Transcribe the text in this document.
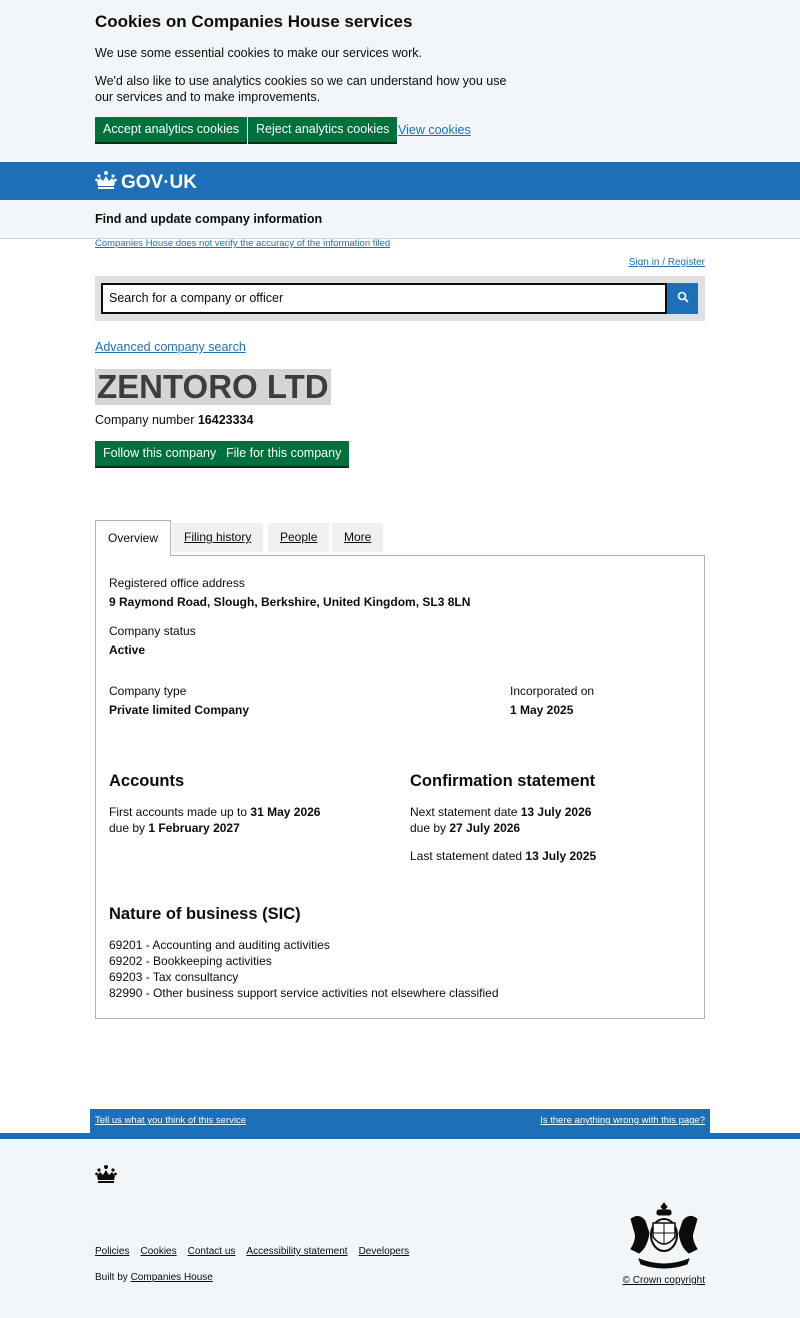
Cookies on Companies House services

We use some essential cookies to make our services work.

We'd also like to use analytics cookies so we can understand how you use our services and to make improvements.

Accept analytics cookies	Reject analytics cookies View cookies
GOV·UK
Find and update company information
Companies House does not verify the accuracy of the information filed
Sign in / Register
Search for a company or officer
Advanced company search
ZENTORO LTD
Company number 16423334
Follow this company File for this company
Overview	Filing history	People	More
Registered office address
9 Raymond Road, Slough, Berkshire, United Kingdom, SL3 8LN
Company status
Active
Company type
Private limited Company
Incorporated on
1 May 2025
Accounts
First accounts made up to 31 May 2026
due by 1 February 2027
Confirmation statement
Next statement date 13 July 2026
due by 27 July 2026
Last statement dated 13 July 2025
Nature of business (SIC)
69201 - Accounting and auditing activities
69202 - Bookkeeping activities
69203 - Tax consultancy
82990 - Other business support service activities not elsewhere classified
Tell us what you think of this service	Is there anything wrong with this page?
Policies Cookies Contact us Accessibility statement Developers
Built by Companies House	© Crown copyright
